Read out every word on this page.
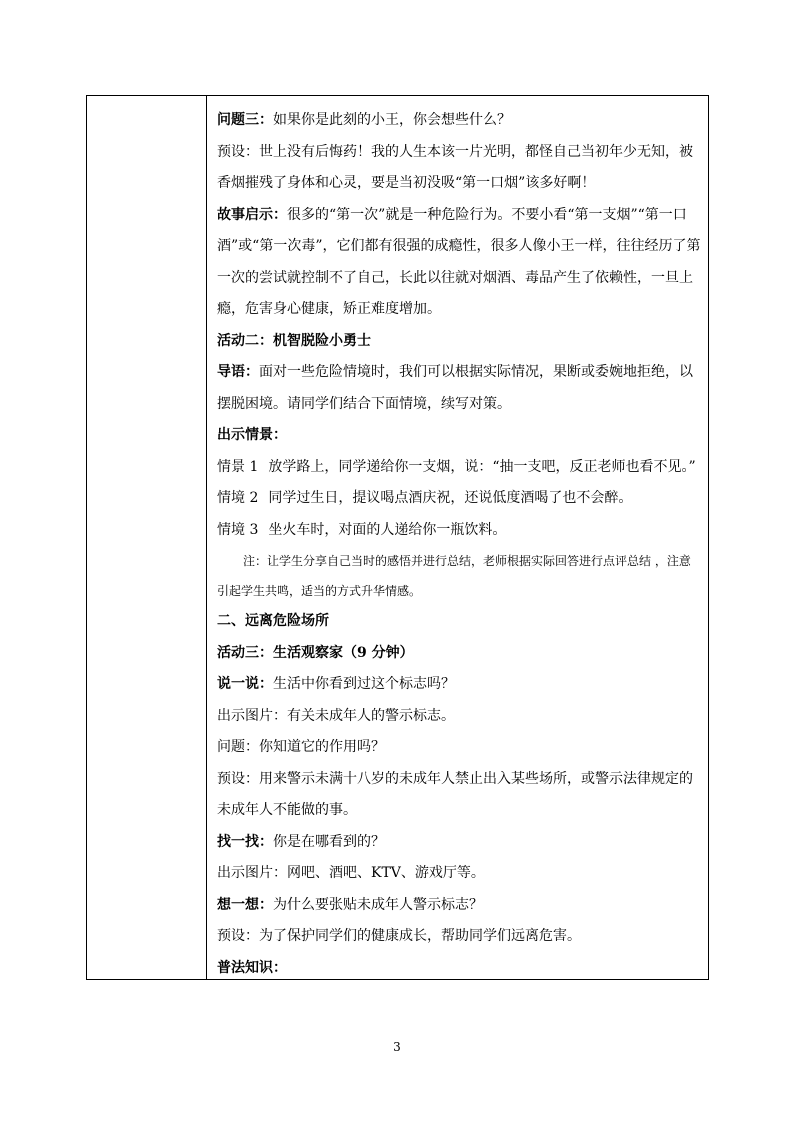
问题三：如果你是此刻的小王，你会想些什么？

预设：世上没有后悔药！我的人生本该一片光明，都怪自己当初年少无知，被香烟摧残了身体和心灵，要是当初没吸“第一口烟”该多好啊！

故事启示：很多的“第一次”就是一种危险行为。不要小看“第一支烟”“第一口酒”或“第一次毒”，它们都有很强的成瘾性，很多人像小王一样，往往经历了第一次的尝试就控制不了自己，长此以往就对烟酒、毒品产生了依赖性，一旦上瘾，危害身心健康，矫正难度增加。

活动二：机智脱险小勇士

导语：面对一些危险情境时，我们可以根据实际情况，果断或委婉地拒绝，以摆脱困境。请同学们结合下面情境，续写对策。

出示情景：

情景 1 放学路上，同学递给你一支烟，说：“抽一支吧，反正老师也看不见。”

情境 2 同学过生日，提议喝点酒庆祝，还说低度酒喝了也不会醉。

情境 3 坐火车时，对面的人递给你一瓶饮料。

注：让学生分享自己当时的感悟并进行总结，老师根据实际回答进行点评总结 ，注意引起学生共鸣，适当的方式升华情感。

二、远离危险场所

活动三：生活观察家（9 分钟）

说一说：生活中你看到过这个标志吗？

出示图片：有关未成年人的警示标志。

问题：你知道它的作用吗？

预设：用来警示未满十八岁的未成年人禁止出入某些场所，或警示法律规定的未成年人不能做的事。

找一找：你是在哪看到的？

出示图片：网吧、酒吧、KTV、游戏厅等。

想一想：为什么要张贴未成年人警示标志？

预设：为了保护同学们的健康成长，帮助同学们远离危害。

普法知识：

3
